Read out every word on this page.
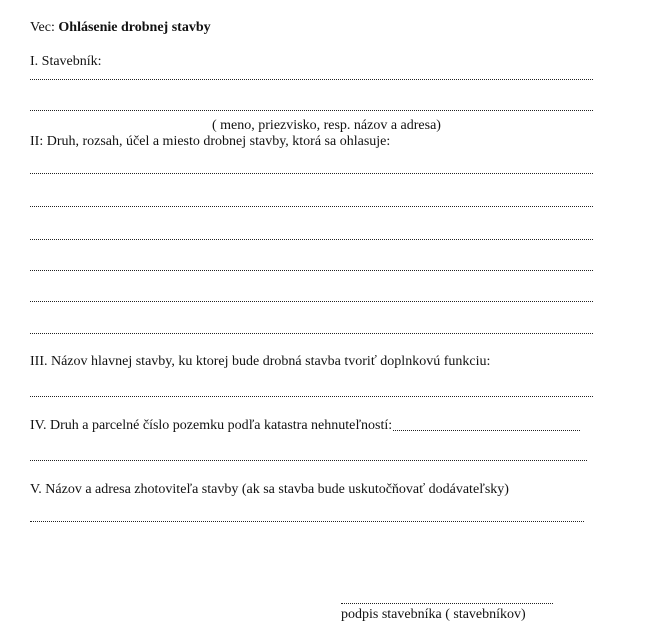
Vec: Ohlásenie drobnej stavby
I. Stavebník:
( meno, priezvisko, resp. názov a adresa)
II: Druh, rozsah, účel a miesto drobnej stavby, ktorá sa ohlasuje:
III. Názov hlavnej stavby, ku ktorej bude drobná stavba tvoriť doplnkovú funkciu:
IV. Druh a parcelné číslo pozemku podľa katastra nehnuteľností:
V. Názov a adresa zhotoviteľa stavby (ak sa stavba bude uskutočňovať dodávateľsky)
podpis stavebníka ( stavebníkov)
